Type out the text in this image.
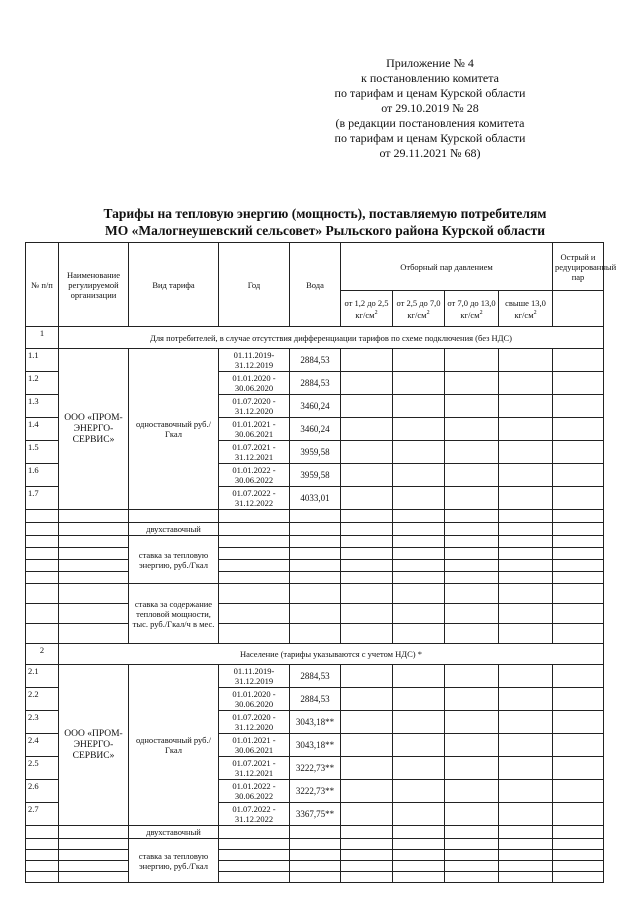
Приложение № 4
к постановлению комитета
по тарифам и ценам Курской области
от 29.10.2019 № 28
(в редакции постановления комитета
по тарифам и ценам Курской области
от 29.11.2021 № 68)
Тарифы на тепловую энергию (мощность), поставляемую потребителям
МО «Малогнеушевский сельсовет» Рыльского района Курской области
№ п/п	Наименование регулируемой организации	Вид тарифа	Год	Вода	Отборный пар давлением				Острый и редуцированный пар
					от 1,2 до 2,5 $кг/см^2$	от 2,5 до 7,0 $кг/см^2$	от 7,0 до 13,0 $кг/см^2$	свыше 13,0 $кг/см^2$	
1	Для потребителей, в случае отсутствия дифференциации тарифов по схеме подключения (без НДС)								
1.1	ООО «ПРОМ-ЭНЕРГО-СЕРВИС»	одноставочный руб./Гкал	01.11.2019-31.12.2019	2884,53					
1.2			01.01.2020 - 30.06.2020	2884,53					
1.3			01.07.2020 - 31.12.2020	3460,24					
1.4			01.01.2021 - 30.06.2021	3460,24					
1.5			01.07.2021 - 31.12.2021	3959,58					
1.6			01.01.2022 - 30.06.2022	3959,58					
1.7			01.07.2022 - 31.12.2022	4033,01					

		двухставочный							
		ставка за тепловую энергию, руб./Гкал							

		ставка за содержание тепловой мощности, тыс. руб./Гкал/ч в мес.							

2	Население (тарифы указываются с учетом НДС) *								
2.1	ООО «ПРОМ-ЭНЕРГО-СЕРВИС»	одноставочный руб./Гкал	01.11.2019-31.12.2019	2884,53					
2.2			01.01.2020 - 30.06.2020	2884,53					
2.3			01.07.2020 - 31.12.2020	3043,18**					
2.4			01.01.2021 - 30.06.2021	3043,18**					
2.5			01.07.2021 - 31.12.2021	3222,73**					
2.6			01.01.2022 - 30.06.2022	3222,73**					
2.7			01.07.2022 - 31.12.2022	3367,75**					
		двухставочный							
		ставка за тепловую энергию, руб./Гкал							
